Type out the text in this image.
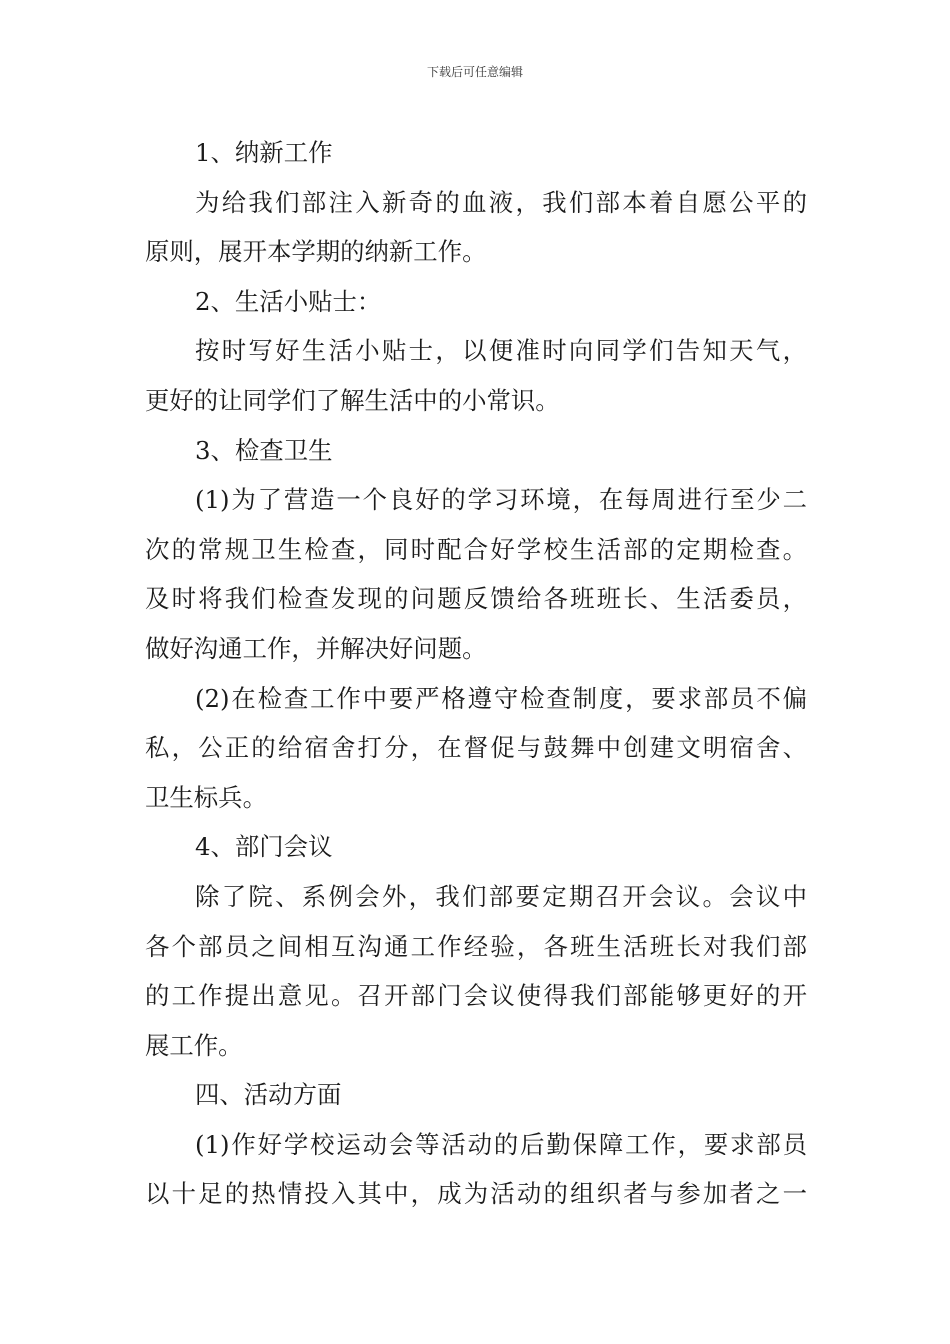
下载后可任意编辑
1、纳新工作
为给我们部注入新奇的血液，我们部本着自愿公平的
原则，展开本学期的纳新工作。
2、生活小贴士：
按时写好生活小贴士，以便准时向同学们告知天气，
更好的让同学们了解生活中的小常识。
3、检查卫生
(1)为了营造一个良好的学习环境，在每周进行至少二
次的常规卫生检查，同时配合好学校生活部的定期检查。
及时将我们检查发现的问题反馈给各班班长、生活委员，
做好沟通工作，并解决好问题。
(2)在检查工作中要严格遵守检查制度，要求部员不偏
私，公正的给宿舍打分，在督促与鼓舞中创建文明宿舍、
卫生标兵。
4、部门会议
除了院、系例会外，我们部要定期召开会议。会议中
各个部员之间相互沟通工作经验，各班生活班长对我们部
的工作提出意见。召开部门会议使得我们部能够更好的开
展工作。
四、活动方面
(1)作好学校运动会等活动的后勤保障工作，要求部员
以十足的热情投入其中，成为活动的组织者与参加者之一
